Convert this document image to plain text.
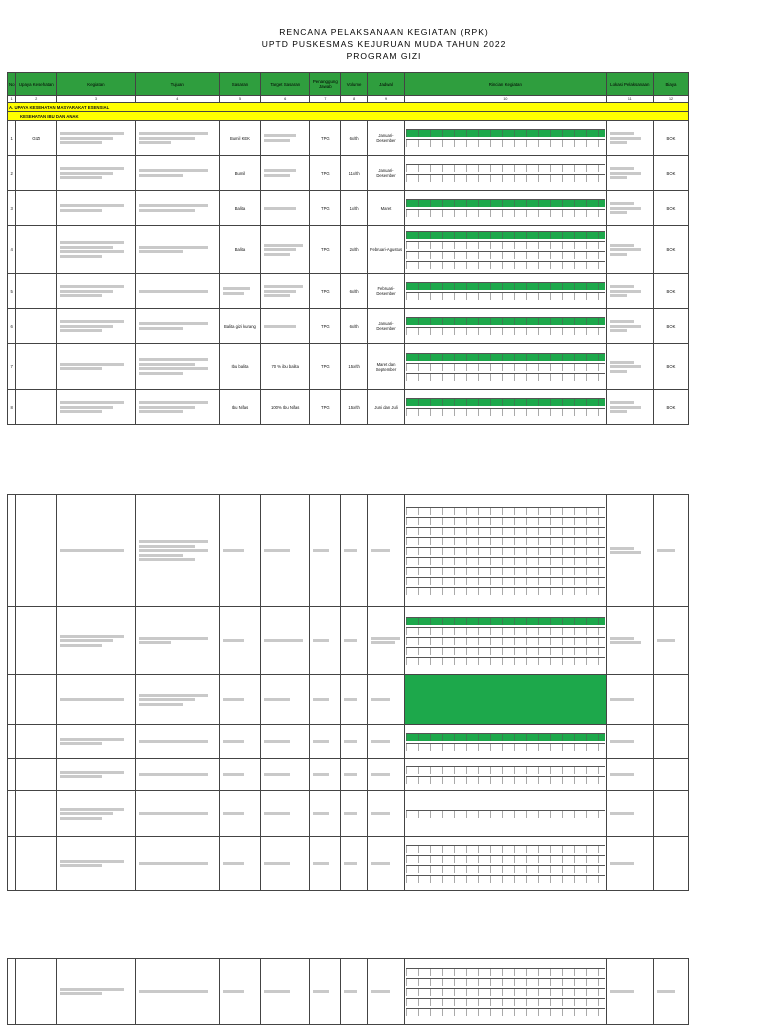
RENCANA PELAKSANAAN KEGIATAN (RPK)
UPTD PUSKESMAS KEJURUAN MUDA TAHUN 2022
PROGRAM GIZI
No	Upaya Kesehatan	Kegiatan	Tujuan	Sasaran	Target Sasaran	Penanggung Jawab	Volume	Jadwal	Rincian Kegiatan	Lokasi Pelaksanaan	Biaya
1	2	3	4	5	6	7	8	9	10	11	12
A. UPAYA KESEHATAN MASYARAKAT ESENSIAL											
KESEHATAN IBU DAN ANAK											
1	GIZI			Bumil KEK		TPG	6x/th	Januari-Desember			BOK
2				Bumil		TPG	11x/th	Januari-Desember			BOK
3				Balita		TPG	1x/th	Maret			BOK
4				Balita		TPG	2x/th	Februari-Agustus			BOK
5						TPG	6x/th	Februari-Desember			BOK
6				Balita gizi kurang		TPG	6x/th	Januari-Desember			BOK
7				Ibu balita	70 % ibu balita	TPG	15x/th	Maret dan September			BOK
8				Ibu Nifas	100% Ibu Nifas	TPG	15x/th	Juni dan Juli			BOK
